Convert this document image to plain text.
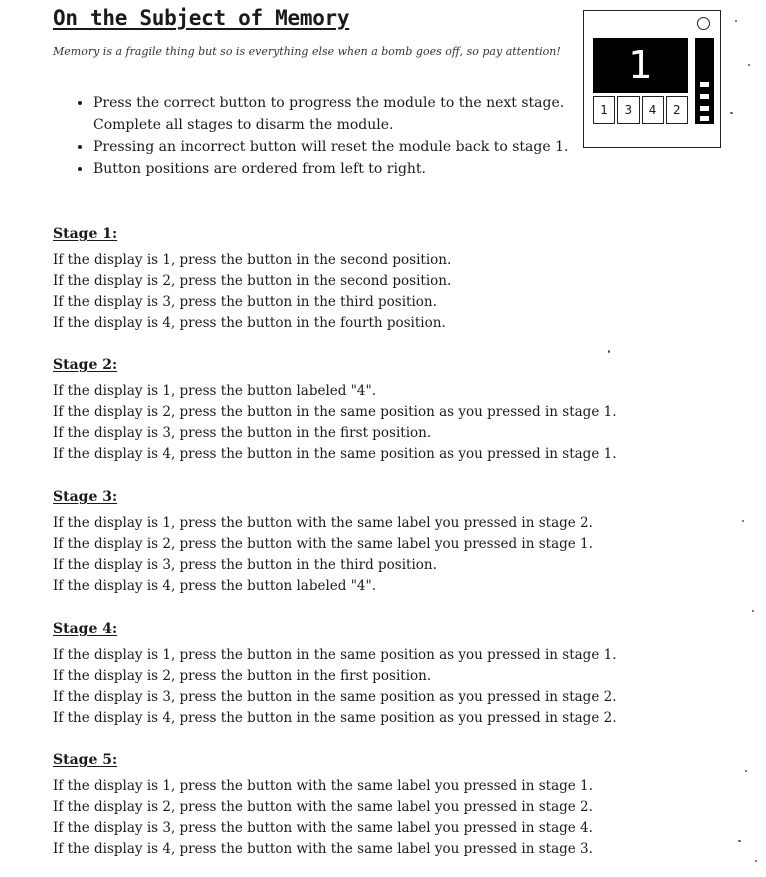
On the Subject of Memory

Memory is a fragile thing but so is everything else when a bomb goes off, so pay attention!

• Press the correct button to progress the module to the next stage. Complete all stages to disarm the module.
• Pressing an incorrect button will reset the module back to stage 1.
• Button positions are ordered from left to right.
1
1	3	4	2
Stage 1:
If the display is 1, press the button in the second position.
If the display is 2, press the button in the second position.
If the display is 3, press the button in the third position.
If the display is 4, press the button in the fourth position.
Stage 2:
If the display is 1, press the button labeled "4".
If the display is 2, press the button in the same position as you pressed in stage 1.
If the display is 3, press the button in the first position.
If the display is 4, press the button in the same position as you pressed in stage 1.
Stage 3:
If the display is 1, press the button with the same label you pressed in stage 2.
If the display is 2, press the button with the same label you pressed in stage 1.
If the display is 3, press the button in the third position.
If the display is 4, press the button labeled "4".
Stage 4:
If the display is 1, press the button in the same position as you pressed in stage 1.
If the display is 2, press the button in the first position.
If the display is 3, press the button in the same position as you pressed in stage 2.
If the display is 4, press the button in the same position as you pressed in stage 2.
Stage 5:
If the display is 1, press the button with the same label you pressed in stage 1.
If the display is 2, press the button with the same label you pressed in stage 2.
If the display is 3, press the button with the same label you pressed in stage 4.
If the display is 4, press the button with the same label you pressed in stage 3.
